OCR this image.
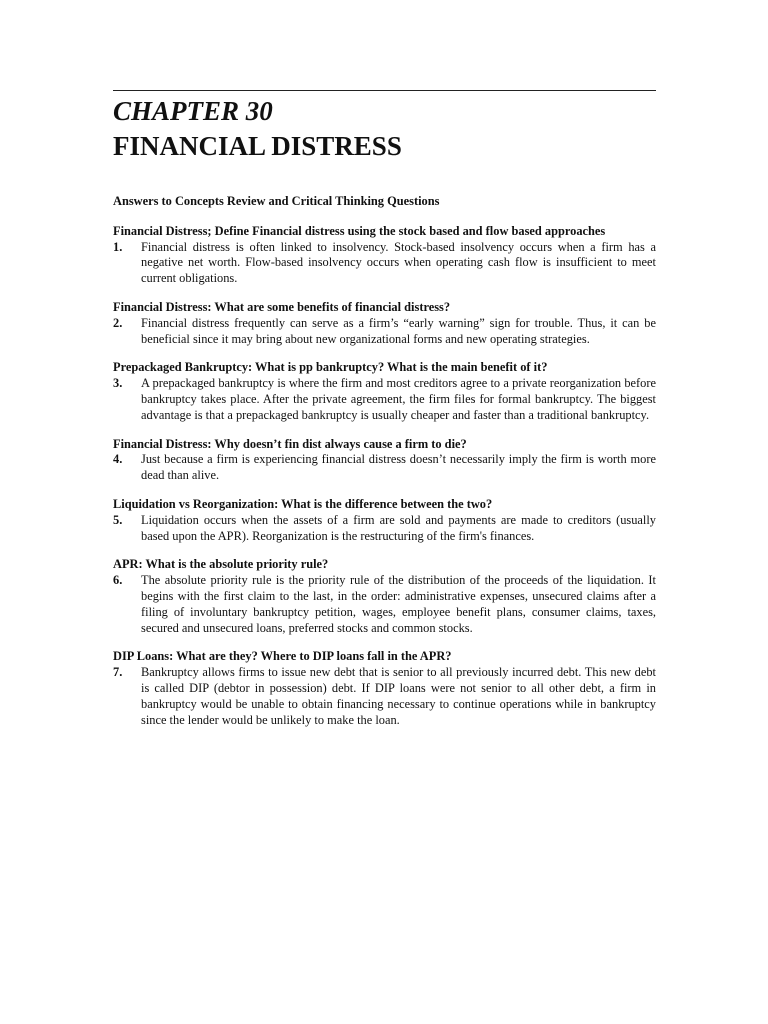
CHAPTER 30
FINANCIAL DISTRESS

Answers to Concepts Review and Critical Thinking Questions

Financial Distress; Define Financial distress using the stock based and flow based approaches

1.	Financial distress is often linked to insolvency. Stock-based insolvency occurs when a firm has a negative net worth. Flow-based insolvency occurs when operating cash flow is insufficient to meet current obligations.

Financial Distress: What are some benefits of financial distress?

2.	Financial distress frequently can serve as a firm’s “early warning” sign for trouble. Thus, it can be beneficial since it may bring about new organizational forms and new operating strategies.

Prepackaged Bankruptcy: What is pp bankruptcy? What is the main benefit of it?

3.	A prepackaged bankruptcy is where the firm and most creditors agree to a private reorganization before bankruptcy takes place. After the private agreement, the firm files for formal bankruptcy. The biggest advantage is that a prepackaged bankruptcy is usually cheaper and faster than a traditional bankruptcy.

Financial Distress: Why doesn’t fin dist always cause a firm to die?

4.	Just because a firm is experiencing financial distress doesn’t necessarily imply the firm is worth more dead than alive.

Liquidation vs Reorganization: What is the difference between the two?

5.	Liquidation occurs when the assets of a firm are sold and payments are made to creditors (usually based upon the APR). Reorganization is the restructuring of the firm's finances.

APR: What is the absolute priority rule?

6.	The absolute priority rule is the priority rule of the distribution of the proceeds of the liquidation. It begins with the first claim to the last, in the order: administrative expenses, unsecured claims after a filing of involuntary bankruptcy petition, wages, employee benefit plans, consumer claims, taxes, secured and unsecured loans, preferred stocks and common stocks.

DIP Loans: What are they? Where to DIP loans fall in the APR?

7.	Bankruptcy allows firms to issue new debt that is senior to all previously incurred debt. This new debt is called DIP (debtor in possession) debt. If DIP loans were not senior to all other debt, a firm in bankruptcy would be unable to obtain financing necessary to continue operations while in bankruptcy since the lender would be unlikely to make the loan.
